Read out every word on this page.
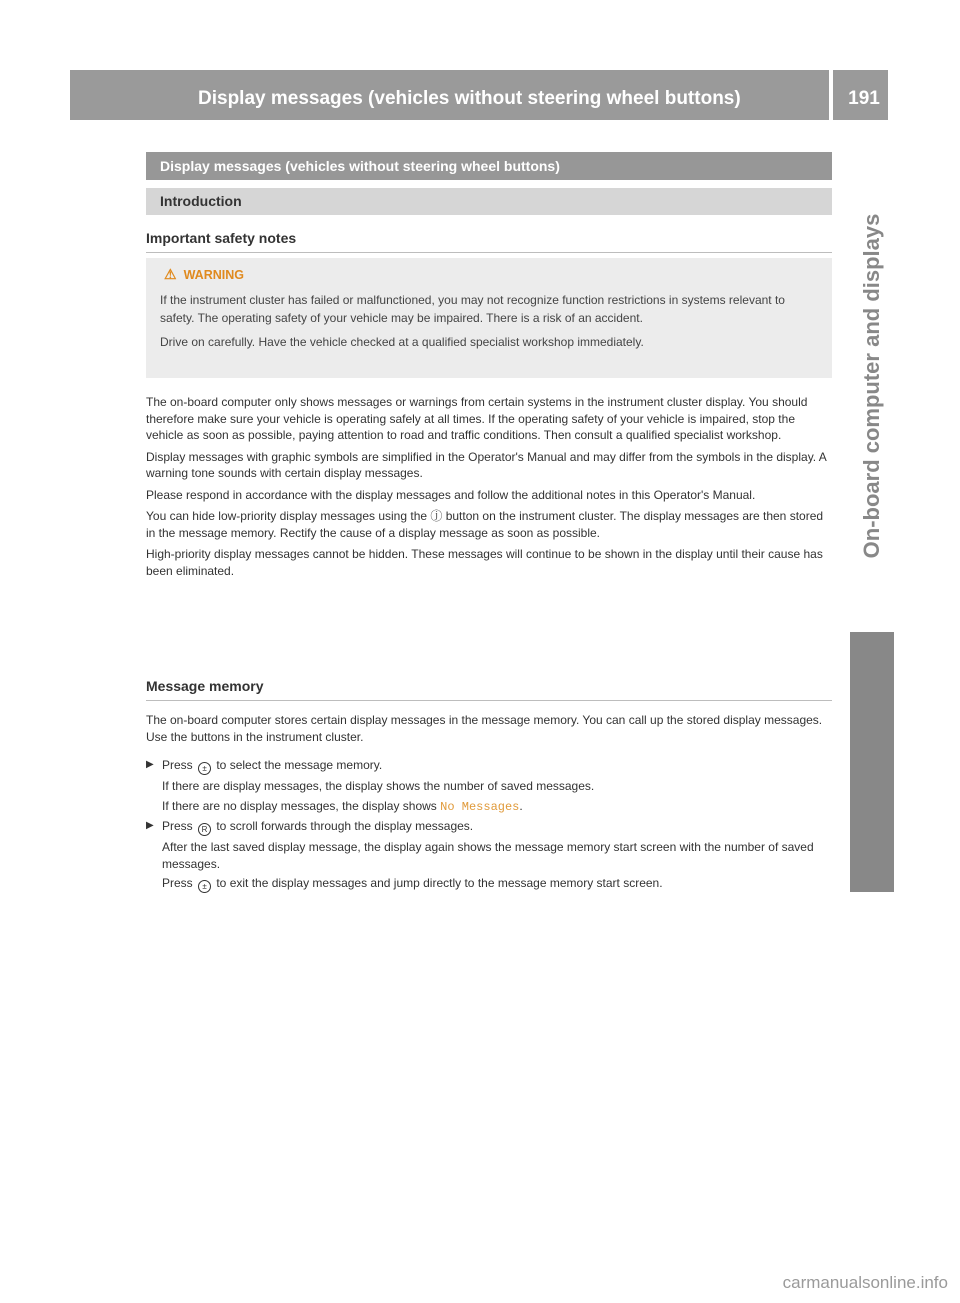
Display messages (vehicles without steering wheel buttons)	191
On-board computer and displays
Display messages (vehicles without steering wheel buttons)
Introduction
Important safety notes
⚠ WARNING

If the instrument cluster has failed or malfunctioned, you may not recognize function restrictions in systems relevant to safety. The operating safety of your vehicle may be impaired. There is a risk of an accident.

Drive on carefully. Have the vehicle checked at a qualified specialist workshop immediately.

The on-board computer only shows messages or warnings from certain systems in the instrument cluster display. You should therefore make sure your vehicle is operating safely at all times. If the operating safety of your vehicle is impaired, stop the vehicle as soon as possible, paying attention to road and traffic conditions. Then consult a qualified specialist workshop.

Display messages with graphic symbols are simplified in the Operator's Manual and may differ from the symbols in the display. A warning tone sounds with certain display messages.

Please respond in accordance with the display messages and follow the additional notes in this Operator's Manual.

You can hide low-priority display messages using the ⓙ button on the instrument cluster. The display messages are then stored in the message memory. Rectify the cause of a display message as soon as possible.

High-priority display messages cannot be hidden. These messages will continue to be shown in the display until their cause has been eliminated.

Message memory

The on-board computer stores certain display messages in the message memory. You can call up the stored display messages. Use the buttons in the instrument cluster.

▶ Press ± to select the message memory.
If there are display messages, the display shows the number of saved messages.
If there are no display messages, the display shows No Messages.
▶ Press R to scroll forwards through the display messages.
After the last saved display message, the display again shows the message memory start screen with the number of saved messages.
Press ± to exit the display messages and jump directly to the message memory start screen.
carmanualsonline.info
